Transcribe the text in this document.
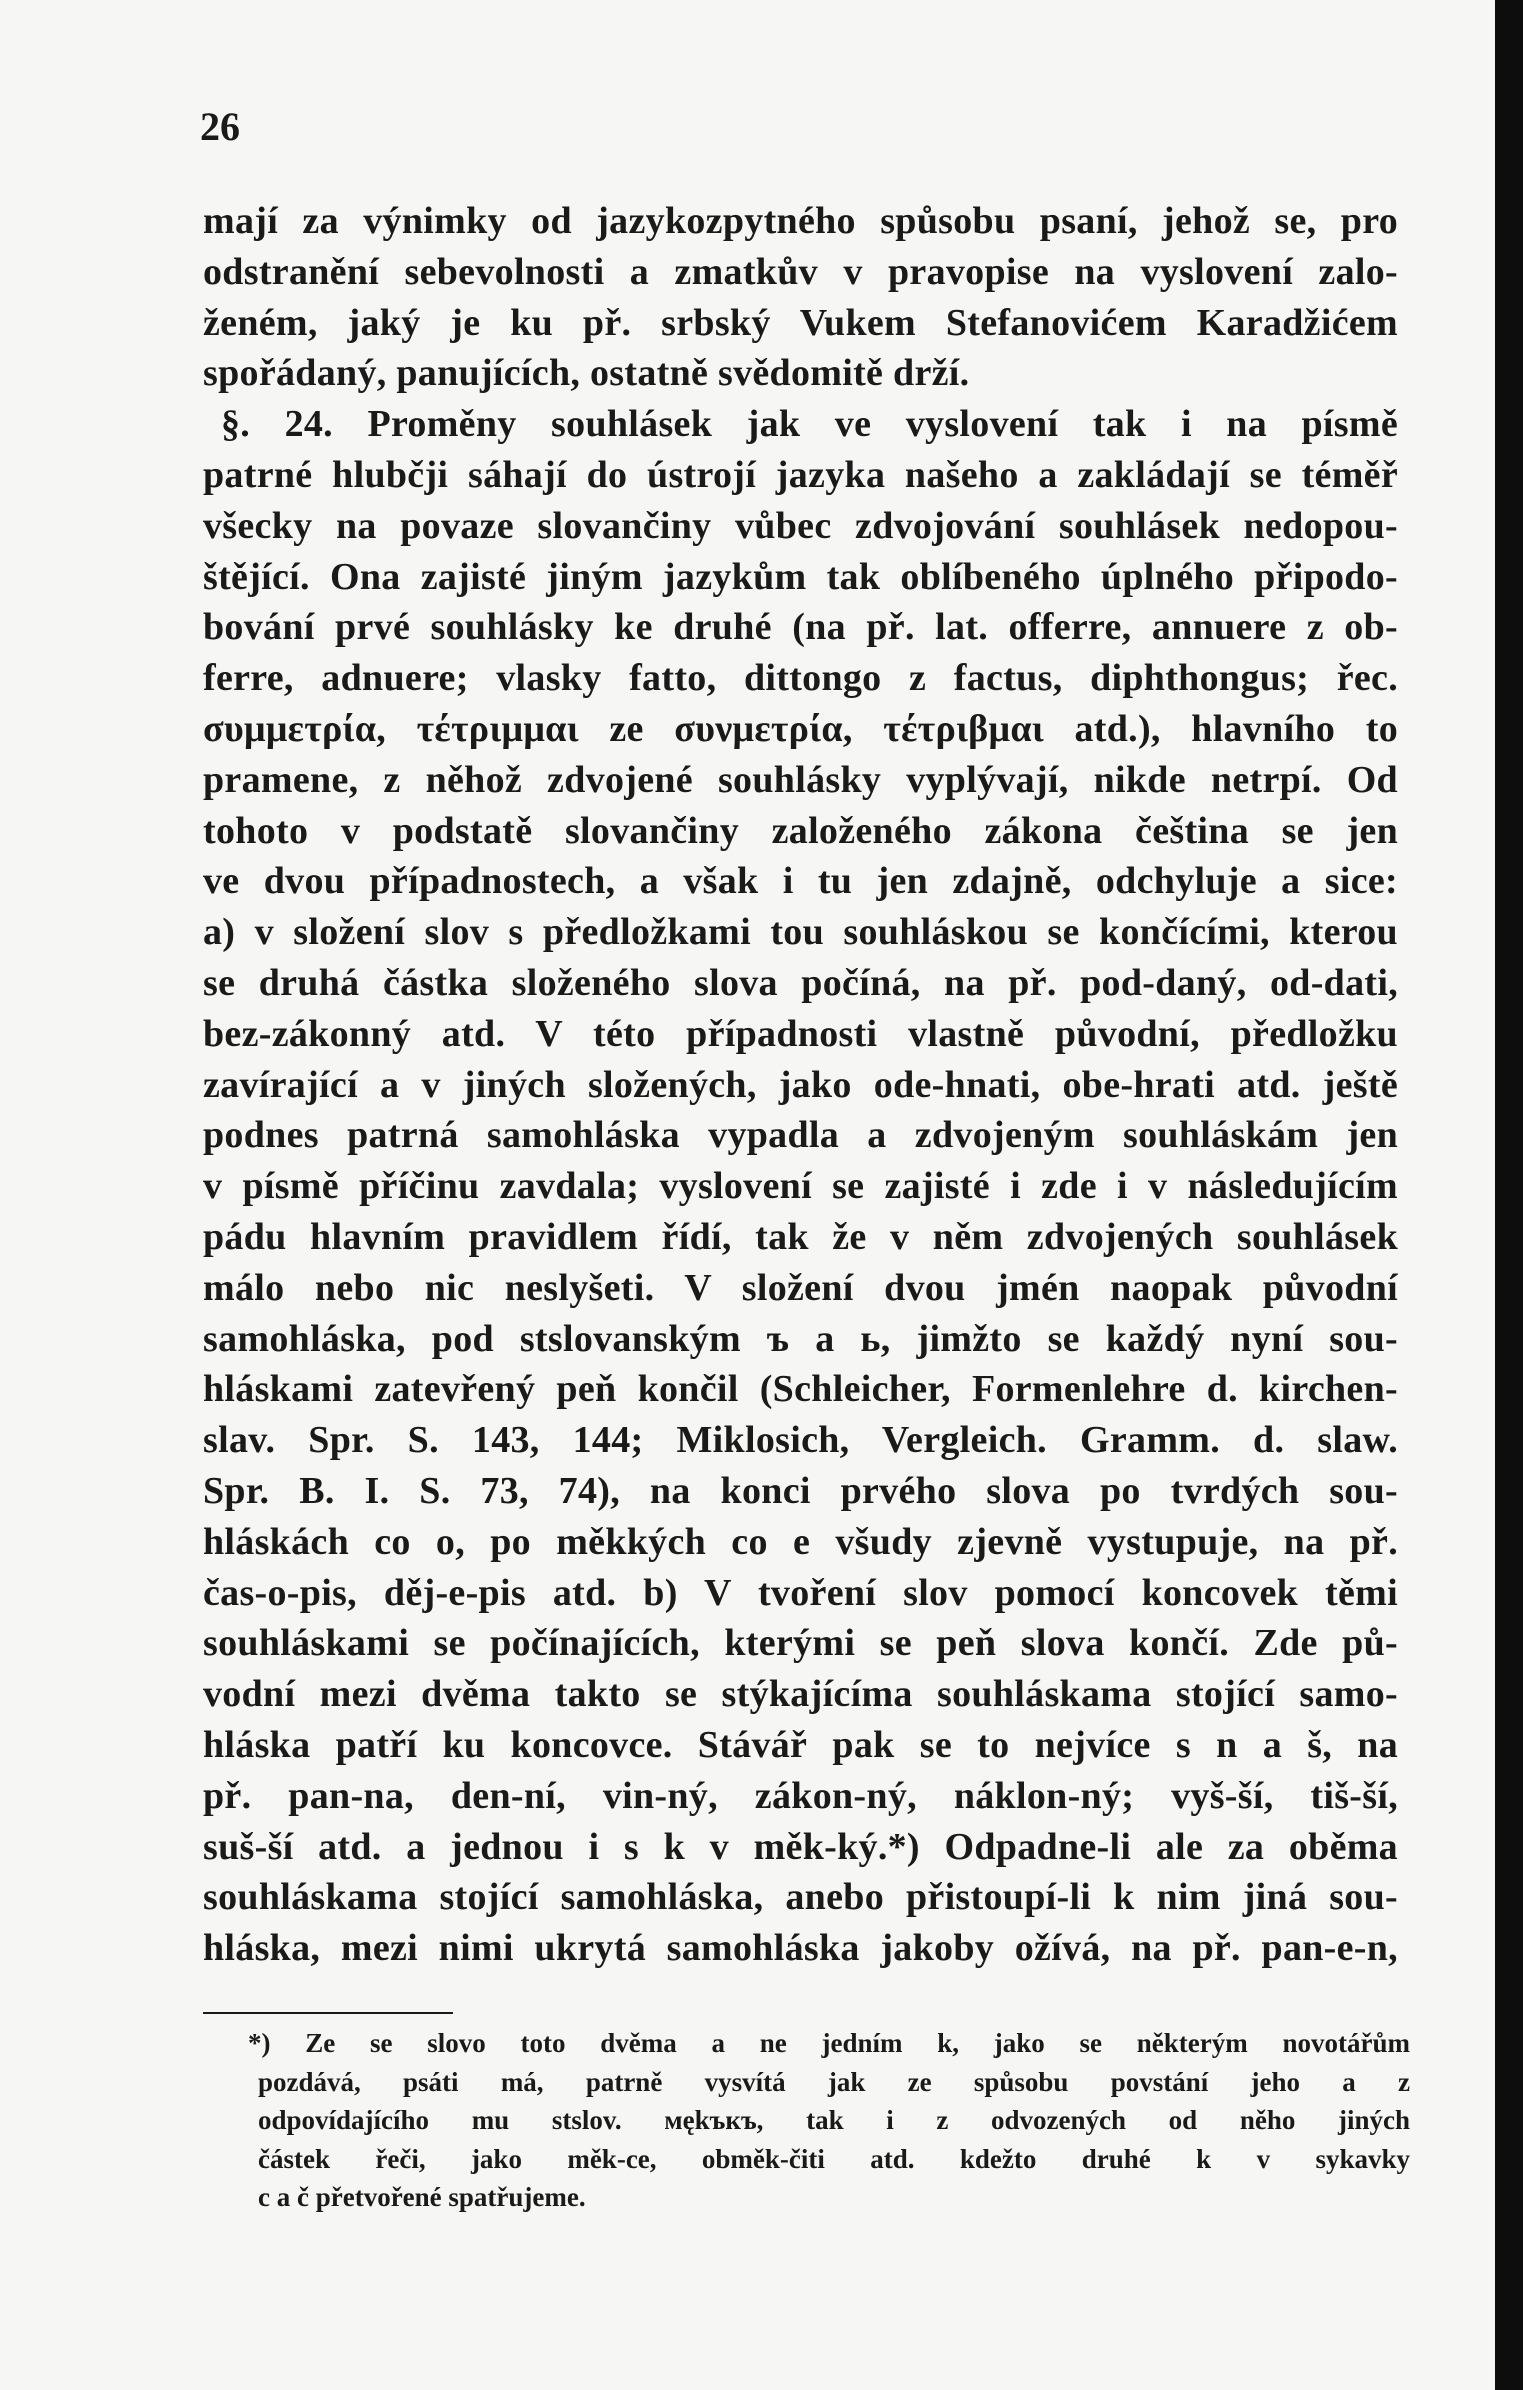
26
mají za výnimky od jazykozpytného spůsobu psaní, jehož se, pro
odstranění sebevolnosti a zmatkův v pravopise na vyslovení zalo-
ženém, jaký je ku př. srbský Vukem Stefanovićem Karadžićem
spořádaný, panujících, ostatně svědomitě drží.
§. 24. Proměny souhlásek jak ve vyslovení tak i na písmě
patrné hlubčji sáhají do ústrojí jazyka našeho a zakládají se téměř
všecky na povaze slovančiny vůbec zdvojování souhlásek nedopou-
štějící. Ona zajisté jiným jazykům tak oblíbeného úplného připodo-
bování prvé souhlásky ke druhé (na př. lat. offerre, annuere z ob-
ferre, adnuere; vlasky fatto, dittongo z factus, diphthongus; řec.
συμμετρία, τέτριμμαι ze συνμετρία, τέτριβμαι atd.), hlavního to
pramene, z něhož zdvojené souhlásky vyplývají, nikde netrpí. Od
tohoto v podstatě slovančiny založeného zákona čeština se jen
ve dvou případnostech, a však i tu jen zdajně, odchyluje a sice:
a) v složení slov s předložkami tou souhláskou se končícími, kterou
se druhá částka složeného slova počíná, na př. pod-daný, od-dati,
bez-zákonný atd. V této případnosti vlastně původní, předložku
zavírající a v jiných složených, jako ode-hnati, obe-hrati atd. ještě
podnes patrná samohláska vypadla a zdvojeným souhláskám jen
v písmě příčinu zavdala; vyslovení se zajisté i zde i v následujícím
pádu hlavním pravidlem řídí, tak že v něm zdvojených souhlásek
málo nebo nic neslyšeti. V složení dvou jmén naopak původní
samohláska, pod stslovanským ъ a ь, jimžto se každý nyní sou-
hláskami zatevřený peň končil (Schleicher, Formenlehre d. kirchen-
slav. Spr. S. 143, 144; Miklosich, Vergleich. Gramm. d. slaw.
Spr. B. I. S. 73, 74), na konci prvého slova po tvrdých sou-
hláskách co o, po měkkých co e všudy zjevně vystupuje, na př.
čas-o-pis, děj-e-pis atd. b) V tvoření slov pomocí koncovek těmi
souhláskami se počínajících, kterými se peň slova končí. Zde pů-
vodní mezi dvěma takto se stýkajícíma souhláskama stojící samo-
hláska patří ku koncovce. Stávář pak se to nejvíce s n a š, na
př. pan-na, den-ní, vin-ný, zákon-ný, náklon-ný; vyš-ší, tiš-ší,
suš-ší atd. a jednou i s k v měk-ký.*) Odpadne-li ale za oběma
souhláskama stojící samohláska, anebo přistoupí-li k nim jiná sou-
hláska, mezi nimi ukrytá samohláska jakoby ožívá, na př. pan-e-n,
*) Ze se slovo toto dvěma a ne jedním k, jako se některým novotářům
pozdává, psáti má, patrně vysvítá jak ze spůsobu povstání jeho a z
odpovídajícího mu stslov. мękъкъ, tak i z odvozených od něho jiných
částek řeči, jako měk-ce, obměk-čiti atd. kdežto druhé k v sykavky
c a č přetvořené spatřujeme.
